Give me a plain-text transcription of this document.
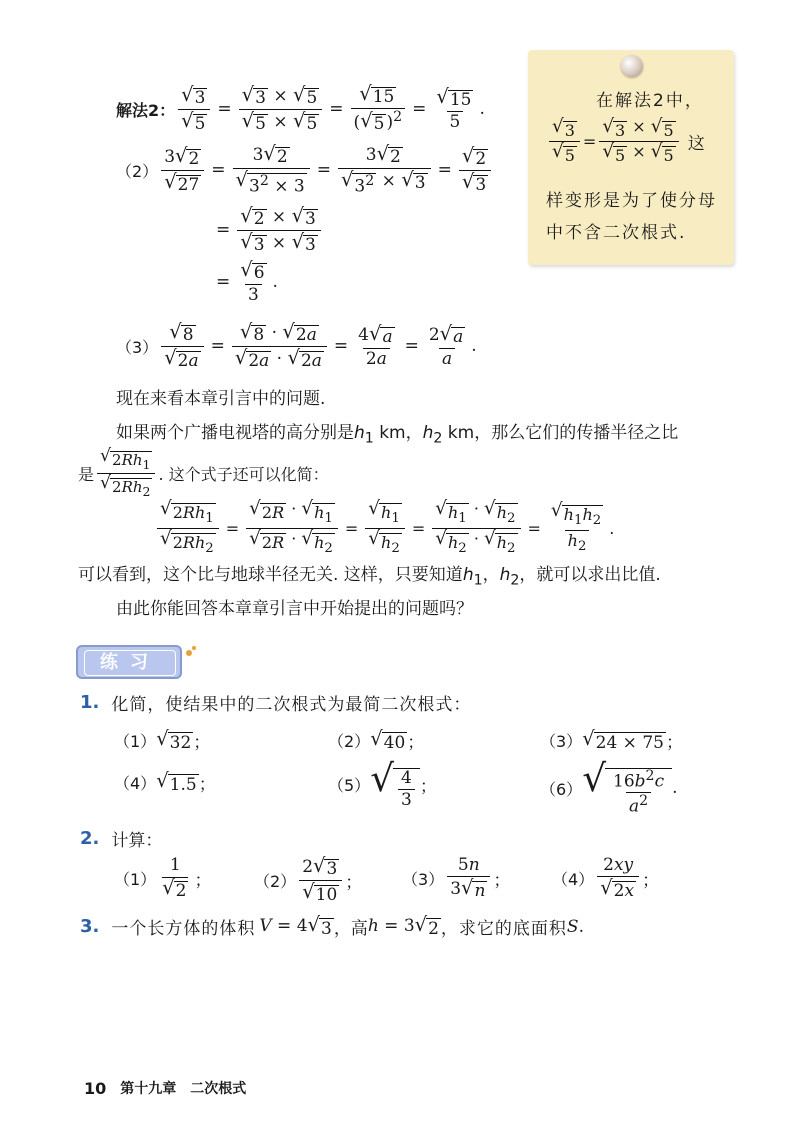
解法2： $\frac{√ 3}{√ 5} = \frac{√ 3 \times √ 5}{√ 5 \times √ 5} = \frac{√ 15}{( √ 5 )^2} = \frac{√ 15}{5}$ .
$(2) \frac{3 √ 2}{√ 27} = \frac{3 √ 2}{√ 3^2 \times 3} = \frac{3 √ 2}{√ 3^2 \times √ 3} = \frac{√ 2}{√ 3}$
= $\frac{√ 2 \times √ 3}{√ 3 \times √ 3}$
= $\frac{√ 6}{3}$ .
在解法2中，
$\frac{√ 3}{√ 5} = \frac{√ 3 \times √ 5}{√ 5 \times √ 5}$ 这
样变形是为了使分母
中不含二次根式.
$(3) \frac{√ 8}{√ 2a} = \frac{√ 8 \cdot √ 2a}{√ 2a \cdot √ 2a} = \frac{4 √ a}{2a} = \frac{2 √ a}{a}$ .
现在来看本章引言中的问题.
如果两个广播电视塔的高分别是$h_1$ km，$h_2$ km，那么它们的传播半径之比
是 $\frac{√ 2Rh_1}{√ 2Rh_2}$ . 这个式子还可以化简：
$\frac{√ 2Rh_1}{√ 2Rh_2} = \frac{√ 2R \cdot √ h_1}{√ 2R \cdot √ h_2} = \frac{√ h_1}{√ h_2}$ = √ $h_1$
· √ $h_2$
√ $h_2$
· √ $h_2 = \frac{√ h_1h_2}{h_2}$ .
可以看到，这个比与地球半径无关. 这样，只要知道$h_1$，$h_2$，就可以求出比值.
由此你能回答本章章引言中开始提出的问题吗？
练习
1. 化简，使结果中的二次根式为最简二次根式：
（1） √ 32 ；	（2） √ 40 ；	（3） √ 24 × 75 ；
（4） √ 1.5 ；	（5） √ $\frac{4}{3}$ ；	（6） √ $\frac{16b^2c}{a^2}$ .
2. 计算：
（1）
1
√ 2 ；	$(2) \frac{2 √ 3}{√ 10}$ ； $(3) \frac{5n}{3 √ n}$ ；	$(4) \frac{2xy}{√ 2x}$ ；
3. 一个长方体的体积 V = 4 √ 3 ，高 h = 3 √ 2 ，求它的底面积 S .
10 第十九章 二次根式
